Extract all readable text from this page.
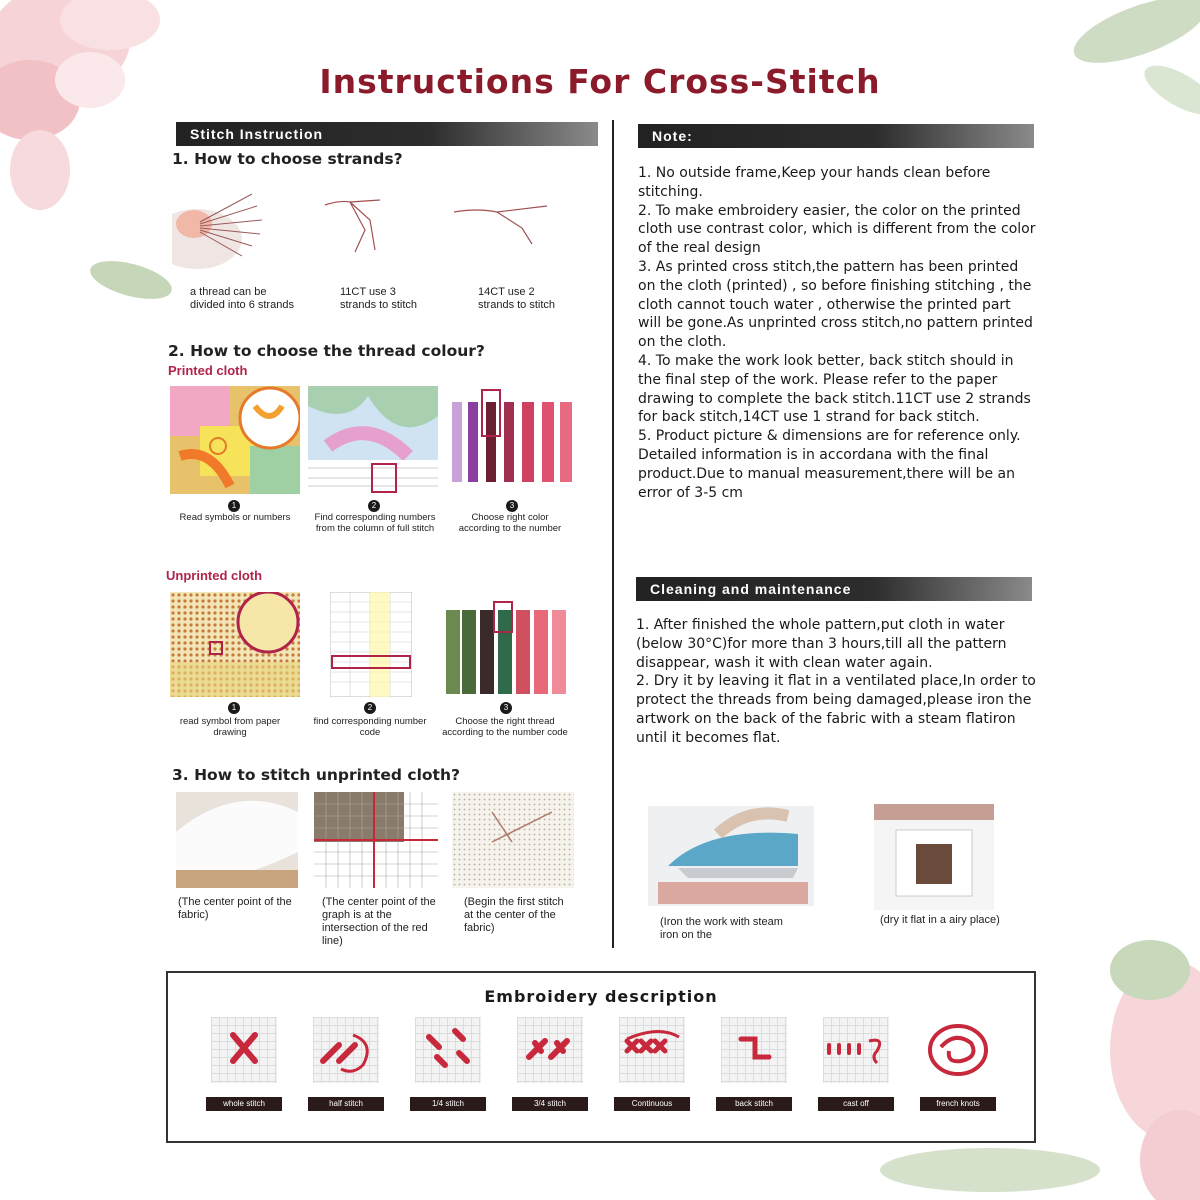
Instructions For Cross-Stitch
Stitch Instruction
1. How to choose strands?
a thread can be divided into 6 strands
11CT use 3 strands to stitch
14CT use 2 strands to stitch
2. How to choose the thread colour?
Printed cloth
1	2	3
Read symbols or numbers	Find corresponding numbers from the column of full stitch
Choose right color according to the number
Unprinted cloth
1	2	3
read symbol from paper drawing
find corresponding number code
Choose the right thread according to the number code
3. How to stitch unprinted cloth?
(The center point of the fabric)
(The center point of the graph is at the intersection of the red line)
(Begin the first stitch at the center of the fabric)
Note:

1. No outside frame,Keep your hands clean before stitching.

2. To make embroidery easier, the color on the printed cloth use contrast color, which is different from the color of the real design

3. As printed cross stitch,the pattern has been printed on the cloth (printed) , so before finishing stitching , the cloth cannot touch water , otherwise the printed part will be gone.As unprinted cross stitch,no pattern printed on the cloth.

4. To make the work look better, back stitch should in the final step of the work. Please refer to the paper drawing to complete the back stitch.11CT use 2 strands for back stitch,14CT use 1 strand for back stitch.

5. Product picture & dimensions are for reference only. Detailed information is in accordana with the final product.Due to manual measurement,there will be an error of 3-5 cm

Cleaning and maintenance

1. After finished the whole pattern,put cloth in water (below 30°C)for more than 3 hours,till all the pattern disappear, wash it with clean water again.

2. Dry it by leaving it flat in a ventilated place,In order to protect the threads from being damaged,please iron the artwork on the back of the fabric with a steam flatiron until it becomes flat.

(Iron the work with steam iron on the
(dry it flat in a airy place)
Embroidery description
whole stitch	half stitch	1/4 stitch	3/4 stitch	Continuous	back stitch	cast off	french knots
